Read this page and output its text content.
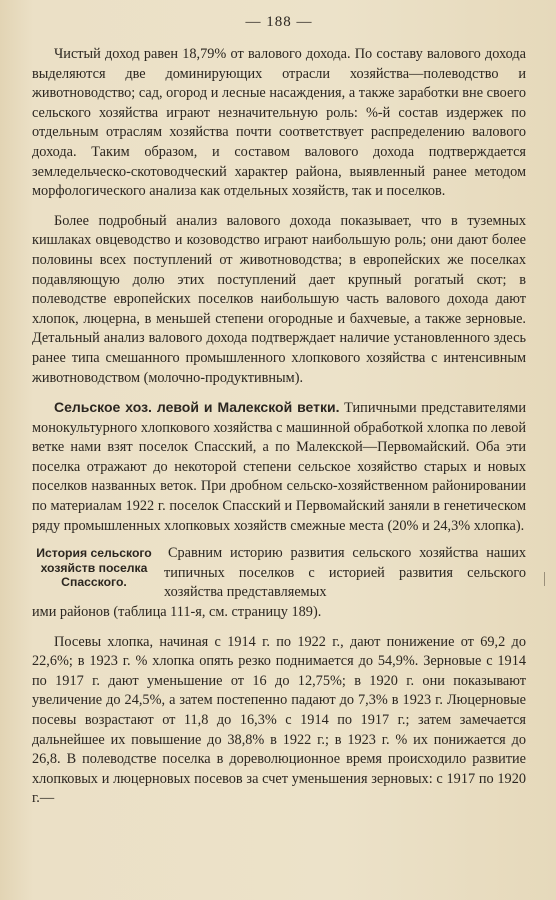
— 188 —

Чистый доход равен 18,79% от валового дохода. По составу валового дохода выделяются две доминирующих отрасли хозяйства—полеводство и животноводство; сад, огород и лесные насаждения, а также заработки вне своего сельского хозяйства играют незначительную роль: %-й состав издержек по отдельным отраслям хозяйства почти соответствует распределению валового дохода. Таким образом, и составом валового дохода подтверждается земледельческо-скотоводческий характер района, выявленный ранее методом морфологического анализа как отдельных хозяйств, так и поселков.

Более подробный анализ валового дохода показывает, что в туземных кишлаках овцеводство и козоводство играют наибольшую роль; они дают более половины всех поступлений от животноводства; в европейских же поселках подавляющую долю этих поступлений дает крупный рогатый скот; в полеводстве европейских поселков наибольшую часть валового дохода дают хлопок, люцерна, в меньшей степени огородные и бахчевые, а также зерновые. Детальный анализ валового дохода подтверждает наличие установленного здесь ранее типа смешанного промышленного хлопкового хозяйства с интенсивным животноводством (молочно-продуктивным).

Сельское хоз. левой и Малекской ветки. Типичными представителями монокультурного хлопкового хозяйства с машинной обработкой хлопка по левой ветке нами взят поселок Спасский, а по Малекской—Первомайский. Оба эти поселка отражают до некоторой степени сельское хозяйство старых и новых поселков названных веток. При дробном сельско-хозяйственном районировании по материалам 1922 г. поселок Спасский и Первомайский заняли в генетическом ряду промышленных хлопковых хозяйств смежные места (20% и 24,3% хлопка).

История сельского хозяйств поселка Спасского.
Сравним историю развития сельского хозяйства наших типичных поселков с историей развития сельского хозяйства представляемых

ими районов (таблица 111-я, см. страницу 189).

Посевы хлопка, начиная с 1914 г. по 1922 г., дают понижение от 69,2 до 22,6%; в 1923 г. % хлопка опять резко поднимается до 54,9%. Зерновые с 1914 по 1917 г. дают уменьшение от 16 до 12,75%; в 1920 г. они показывают увеличение до 24,5%, а затем постепенно падают до 7,3% в 1923 г. Люцерновые посевы возрастают от 11,8 до 16,3% с 1914 по 1917 г.; затем замечается дальнейшее их повышение до 38,8% в 1922 г.; в 1923 г. % их понижается до 26,8. В полеводстве поселка в дореволюционное время происходило развитие хлопковых и люцерновых посевов за счет уменьшения зерновых: с 1917 по 1920 г.—
